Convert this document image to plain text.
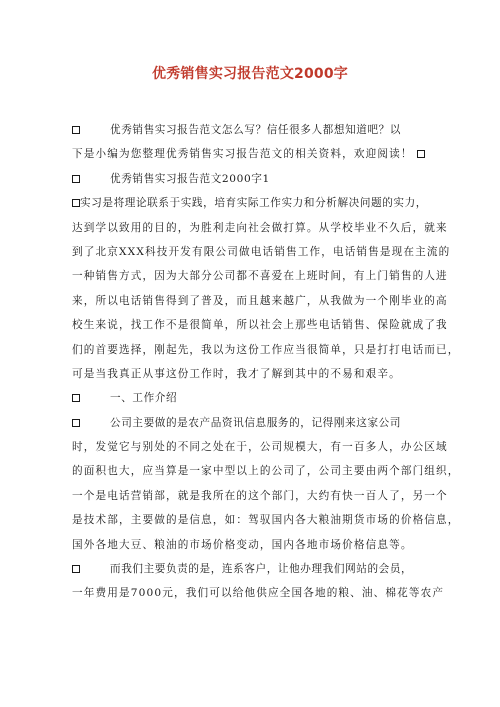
优秀销售实习报告范文2000字
优秀销售实习报告范文怎么写？信任很多人都想知道吧？以
下是小编为您整理优秀销售实习报告范文的相关资料，欢迎阅读！
优秀销售实习报告范文2000字1
实习是将理论联系于实践，培育实际工作实力和分析解决问题的实力，
达到学以致用的目的，为胜利走向社会做打算。从学校毕业不久后，就来
到了北京XXX科技开发有限公司做电话销售工作，电话销售是现在主流的
一种销售方式，因为大部分公司都不喜爱在上班时间，有上门销售的人进
来，所以电话销售得到了普及，而且越来越广，从我做为一个刚毕业的高
校生来说，找工作不是很简单，所以社会上那些电话销售、保险就成了我
们的首要选择，刚起先，我以为这份工作应当很简单，只是打打电话而已，
可是当我真正从事这份工作时，我才了解到其中的不易和艰辛。
一、工作介绍
公司主要做的是农产品资讯信息服务的，记得刚来这家公司
时，发觉它与别处的不同之处在于，公司规模大，有一百多人，办公区域
的面积也大，应当算是一家中型以上的公司了，公司主要由两个部门组织，
一个是电话营销部，就是我所在的这个部门，大约有快一百人了，另一个
是技术部，主要做的是信息，如：驾驭国内各大粮油期货市场的价格信息，
国外各地大豆、粮油的市场价格变动，国内各地市场价格信息等。
而我们主要负责的是，连系客户，让他办理我们网站的会员，
一年费用是7000元，我们可以给他供应全国各地的粮、油、棉花等农产
